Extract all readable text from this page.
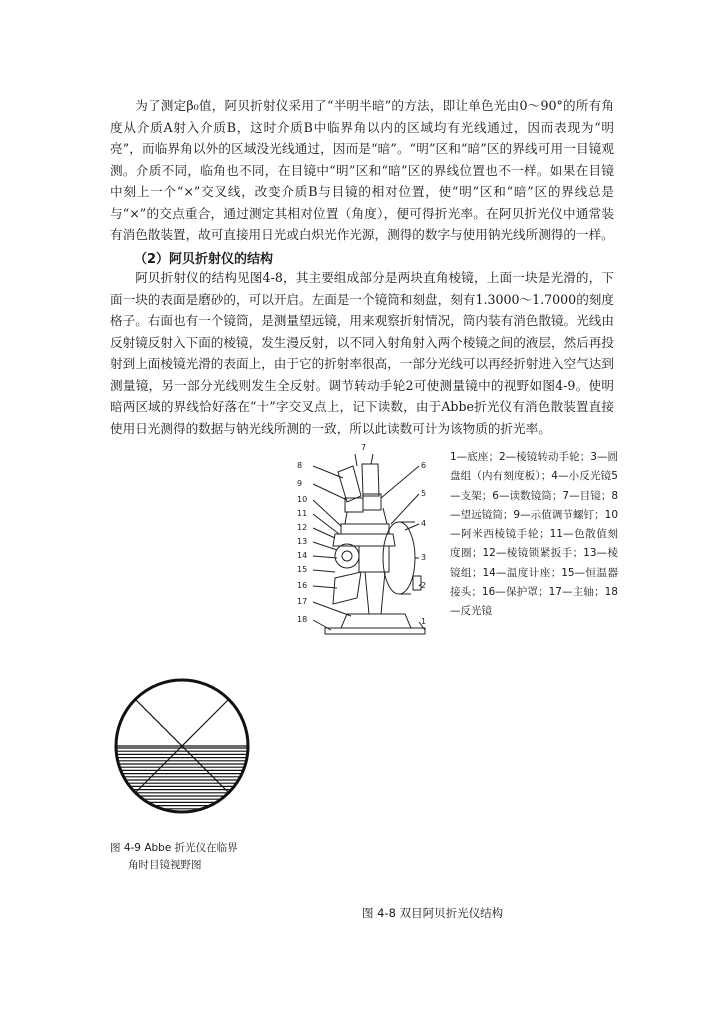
为了测定β₀值，阿贝折射仪采用了“半明半暗”的方法，即让单色光由0～90°的所有角度从介质A射入介质B，这时介质B中临界角以内的区域均有光线通过，因而表现为“明亮”，而临界角以外的区域没光线通过，因而是“暗”。“明”区和“暗”区的界线可用一目镜观测。介质不同，临角也不同，在目镜中“明”区和“暗”区的界线位置也不一样。如果在目镜中刻上一个“×”交叉线，改变介质B与目镜的相对位置，使“明”区和“暗”区的界线总是与“×”的交点重合，通过测定其相对位置（角度），便可得折光率。在阿贝折光仪中通常装有消色散装置，故可直接用日光或白炽光作光源，测得的数字与使用钠光线所测得的一样。

（2）阿贝折射仪的结构

阿贝折射仪的结构见图4-8，其主要组成部分是两块直角棱镜，上面一块是光滑的，下面一块的表面是磨砂的，可以开启。左面是一个镜筒和刻盘，刻有1.3000～1.7000的刻度格子。右面也有一个镜筒，是测量望远镜，用来观察折射情况，筒内装有消色散镜。光线由反射镜反射入下面的棱镜，发生漫反射，以不同入射角射入两个棱镜之间的液层，然后再投射到上面棱镜光滑的表面上，由于它的折射率很高，一部分光线可以再经折射进入空气达到测量镜，另一部分光线则发生全反射。调节转动手轮2可使测量镜中的视野如图4-9。使明暗两区域的界线恰好落在“十”字交叉点上，记下读数，由于Abbe折光仪有消色散装置直接使用日光测得的数据与钠光线所测的一致，所以此读数可计为该物质的折光率。

7
8
9
10
11
12
13
14
15
16
17
18
6
5
4
3
2
1

1—底座；2—棱镜转动手轮；3—圆盘组（内有刻度板）；4—小反光镜5—支架；6—读数镜筒；7—目镜；8—望远镜筒；9—示值调节螺钉；10—阿米西棱镜手轮；11—色散值刻度圈；12—棱镜锁紧扳手；13—棱镜组；14—温度计座；15—恒温器接头；16—保护罩；17—主轴；18—反光镜

图 4-9 Abbe 折光仪在临界
角时目镜视野图

图 4-8 双目阿贝折光仪结构
